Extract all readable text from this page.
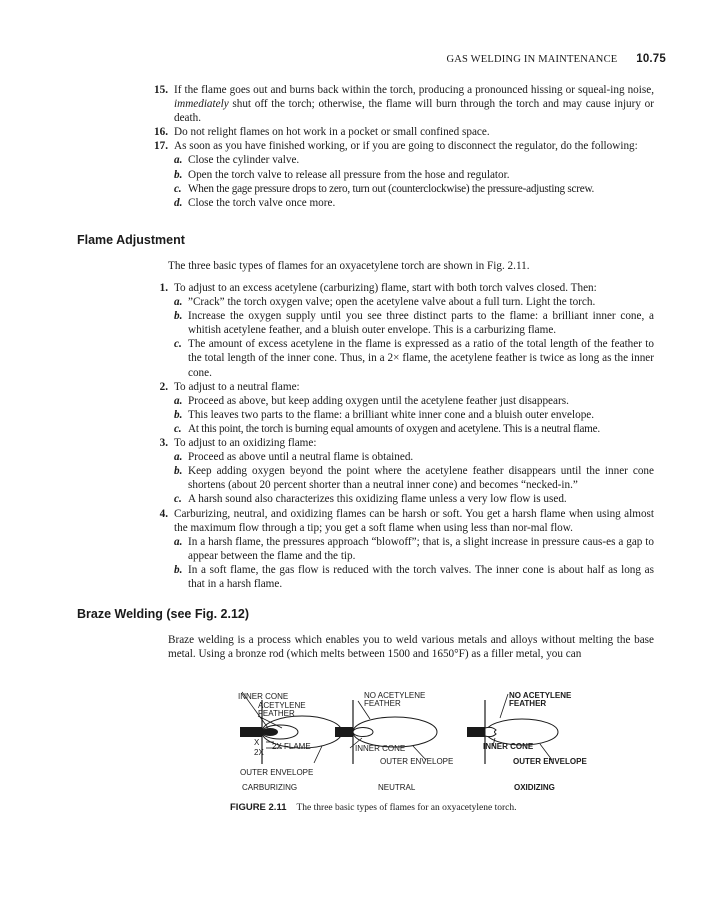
GAS WELDING IN MAINTENANCE 10.75
15. If the flame goes out and burns back within the torch, producing a pronounced hissing or squeal-ing noise, immediately shut off the torch; otherwise, the flame will burn through the torch and may cause injury or death.
16. Do not relight flames on hot work in a pocket or small confined space.
17. As soon as you have finished working, or if you are going to disconnect the regulator, do the following:
a. Close the cylinder valve.
b. Open the torch valve to release all pressure from the hose and regulator.
c. When the gage pressure drops to zero, turn out (counterclockwise) the pressure-adjusting screw.
d. Close the torch valve once more.
Flame Adjustment
The three basic types of flames for an oxyacetylene torch are shown in Fig. 2.11.
1. To adjust to an excess acetylene (carburizing) flame, start with both torch valves closed. Then:
a. ”Crack” the torch oxygen valve; open the acetylene valve about a full turn. Light the torch.
b. Increase the oxygen supply until you see three distinct parts to the flame: a brilliant inner cone, a whitish acetylene feather, and a bluish outer envelope. This is a carburizing flame.
c. The amount of excess acetylene in the flame is expressed as a ratio of the total length of the feather to the total length of the inner cone. Thus, in a 2× flame, the acetylene feather is twice as long as the inner cone.
2. To adjust to a neutral flame:
a. Proceed as above, but keep adding oxygen until the acetylene feather just disappears.
b. This leaves two parts to the flame: a brilliant white inner cone and a bluish outer envelope.
c. At this point, the torch is burning equal amounts of oxygen and acetylene. This is a neutral flame.
3. To adjust to an oxidizing flame:
a. Proceed as above until a neutral flame is obtained.
b. Keep adding oxygen beyond the point where the acetylene feather disappears until the inner cone shortens (about 20 percent shorter than a neutral inner cone) and becomes “necked-in.”
c. A harsh sound also characterizes this oxidizing flame unless a very low flow is used.
4. Carburizing, neutral, and oxidizing flames can be harsh or soft. You get a harsh flame when using almost the maximum flow through a tip; you get a soft flame when using less than nor-mal flow.
a. In a harsh flame, the pressures approach “blowoff”; that is, a slight increase in pressure caus-es a gap to appear between the flame and the tip.
b. In a soft flame, the gas flow is reduced with the torch valves. The inner cone is about half as long as that in a harsh flame.
Braze Welding (see Fig. 2.12)
Braze welding is a process which enables you to weld various metals and alloys without melting the base metal. Using a bronze rod (which melts between 1500 and 1650°F) as a filler metal, you can
INNER CONE
ACETYLENE
FEATHER
X
2X
2X FLAME
OUTER ENVELOPE
CARBURIZING
NO ACETYLENE
FEATHER
INNER CONE
OUTER ENVELOPE
NEUTRAL
NO ACETYLENE
FEATHER
INNER CONE
OUTER ENVELOPE
OXIDIZING
FIGURE 2.11 The three basic types of flames for an oxyacetylene torch.
